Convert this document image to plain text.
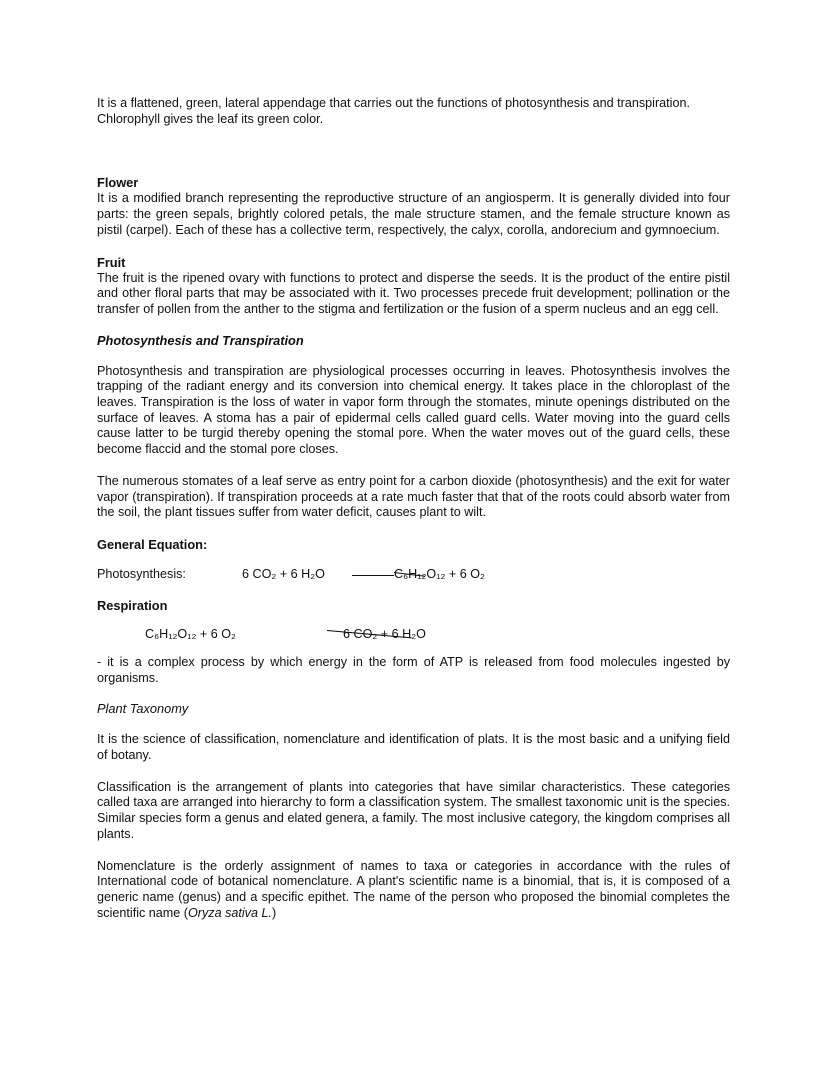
It is a flattened, green, lateral appendage that carries out the functions of photosynthesis and transpiration. Chlorophyll gives the leaf its green color.

Flower

It is a modified branch representing the reproductive structure of an angiosperm. It is generally divided into four parts: the green sepals, brightly colored petals, the male structure stamen, and the female structure known as pistil (carpel). Each of these has a collective term, respectively, the calyx, corolla, andorecium and gymnoecium.

Fruit

The fruit is the ripened ovary with functions to protect and disperse the seeds. It is the product of the entire pistil and other floral parts that may be associated with it. Two processes precede fruit development; pollination or the transfer of pollen from the anther to the stigma and fertilization or the fusion of a sperm nucleus and an egg cell.

Photosynthesis and Transpiration

Photosynthesis and transpiration are physiological processes occurring in leaves. Photosynthesis involves the trapping of the radiant energy and its conversion into chemical energy. It takes place in the chloroplast of the leaves. Transpiration is the loss of water in vapor form through the stomates, minute openings distributed on the surface of leaves. A stoma has a pair of epidermal cells called guard cells. Water moving into the guard cells cause latter to be turgid thereby opening the stomal pore. When the water moves out of the guard cells, these become flaccid and the stomal pore closes.

The numerous stomates of a leaf serve as entry point for a carbon dioxide (photosynthesis) and the exit for water vapor (transpiration). If transpiration proceeds at a rate much faster that that of the roots could absorb water from the soil, the plant tissues suffer from water deficit, causes plant to wilt.

General Equation:

Photosynthesis:	6 CO₂ + 6 H₂O	C₆H₁₂O₁₂ + 6 O₂

Respiration

C₆H₁₂O₁₂ + 6 O₂	6 CO₂ + 6 H₂O

- it is a complex process by which energy in the form of ATP is released from food molecules ingested by organisms.

Plant Taxonomy

It is the science of classification, nomenclature and identification of plats. It is the most basic and a unifying field of botany.

Classification is the arrangement of plants into categories that have similar characteristics. These categories called taxa are arranged into hierarchy to form a classification system. The smallest taxonomic unit is the species. Similar species form a genus and elated genera, a family. The most inclusive category, the kingdom comprises all plants.

Nomenclature is the orderly assignment of names to taxa or categories in accordance with the rules of International code of botanical nomenclature. A plant's scientific name is a binomial, that is, it is composed of a generic name (genus) and a specific epithet. The name of the person who proposed the binomial completes the scientific name (Oryza sativa L.)
